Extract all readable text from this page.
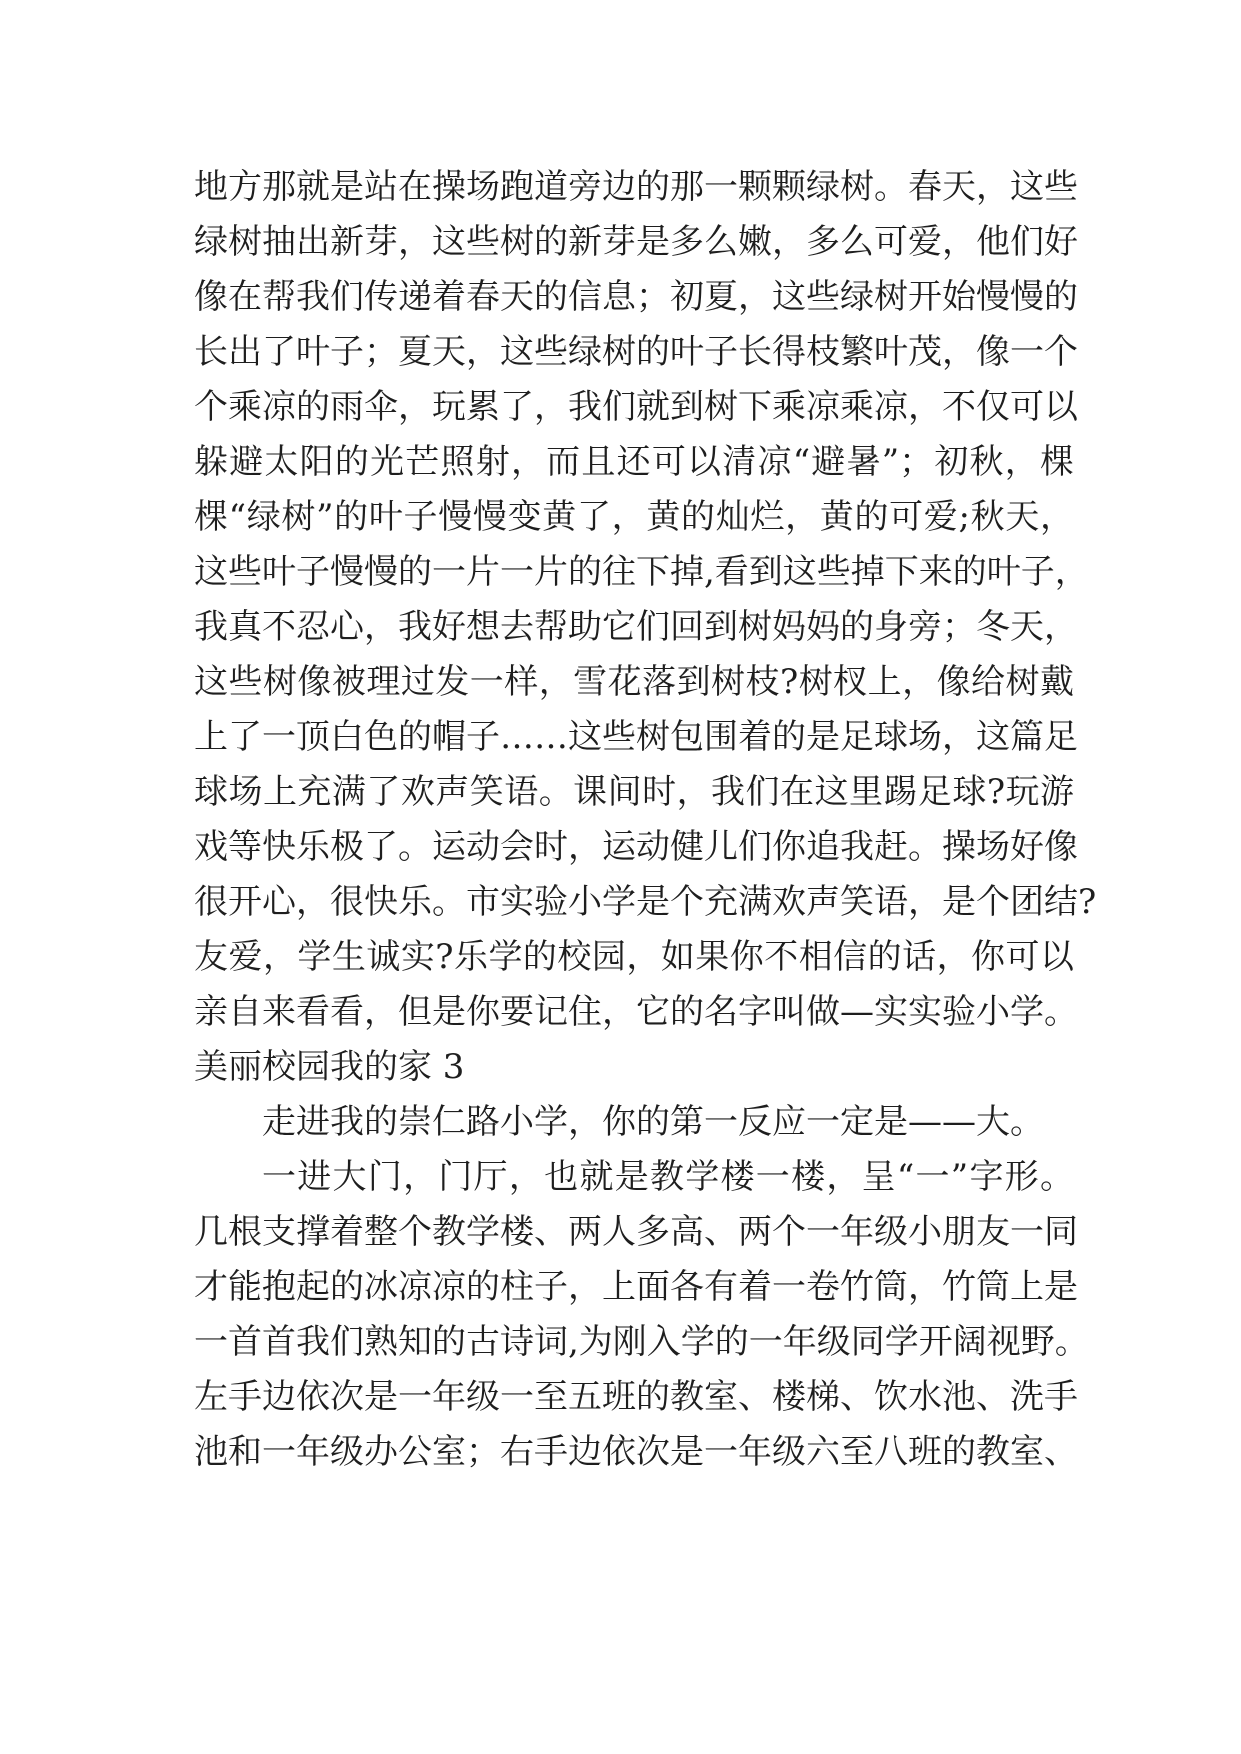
地方那就是站在操场跑道旁边的那一颗颗绿树。春天，这些
绿树抽出新芽，这些树的新芽是多么嫩，多么可爱，他们好
像在帮我们传递着春天的信息；初夏，这些绿树开始慢慢的
长出了叶子；夏天，这些绿树的叶子长得枝繁叶茂，像一个
个乘凉的雨伞，玩累了，我们就到树下乘凉乘凉，不仅可以
躲避太阳的光芒照射，而且还可以清凉“避暑”；初秋，棵
棵“绿树”的叶子慢慢变黄了，黄的灿烂，黄的可爱;秋天，
这些叶子慢慢的一片一片的往下掉,看到这些掉下来的叶子，
我真不忍心，我好想去帮助它们回到树妈妈的身旁；冬天，
这些树像被理过发一样，雪花落到树枝?树杈上，像给树戴
上了一顶白色的帽子……这些树包围着的是足球场，这篇足
球场上充满了欢声笑语。课间时，我们在这里踢足球?玩游
戏等快乐极了。运动会时，运动健儿们你追我赶。操场好像
很开心，很快乐。市实验小学是个充满欢声笑语，是个团结?
友爱，学生诚实?乐学的校园，如果你不相信的话，你可以
亲自来看看，但是你要记住，它的名字叫做—实实验小学。
美丽校园我的家 3
走进我的崇仁路小学，你的第一反应一定是——大。
一进大门，门厅，也就是教学楼一楼，呈“一”字形。
几根支撑着整个教学楼、两人多高、两个一年级小朋友一同
才能抱起的冰凉凉的柱子，上面各有着一卷竹筒，竹筒上是
一首首我们熟知的古诗词,为刚入学的一年级同学开阔视野。
左手边依次是一年级一至五班的教室、楼梯、饮水池、洗手
池和一年级办公室；右手边依次是一年级六至八班的教室、
